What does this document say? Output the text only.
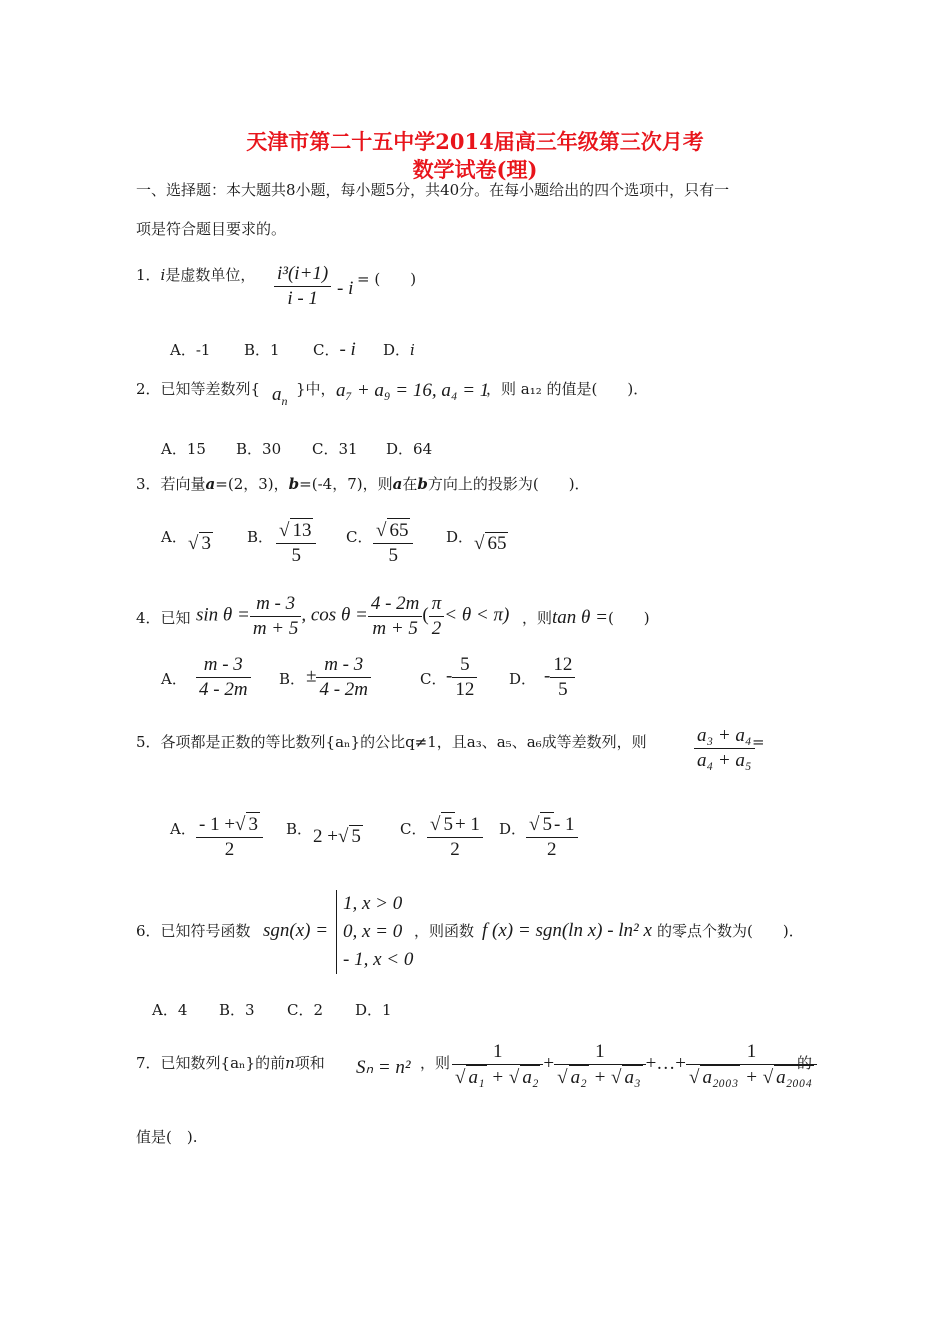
天津市第二十五中学2014届高三年级第三次月考
数学试卷(理)
一、选择题：本大题共8小题，每小题5分，共40分。在每小题给出的四个选项中，只有一
项是符合题目要求的。
1．i是虚数单位， $\frac{\text{i³(i+1)}}{i - 1}$ - i = (　　)
A．-1 B．1 C．- i D．i
2．已知等差数列{ $a_n$
}中， a₇ + a₉ = 16, a₄ = 1
，则 a₁₂ 的值是(　　)．
A．15 B．30 C．31 D．64
3．若向量a=(2，3)，b=(-4，7)，则a在b方向上的投影为(　　)．
A． √ 3 B． $\frac{√ 13}{5}$ C． $\frac{√ 65}{5}$ D． √ 65
4．已知 $\sin \theta = \frac{m - 3}{m + 5}$ , $\cos \theta = \frac{4 - 2m}{m + 5}$ ( $\frac{\pi}{2} < \theta < \pi$) ，则tan θ =(　　)
A． $\frac{m - 3}{4 - 2m}$ B． ± $\frac{m - 3}{4 - 2m}$	C． - $\frac{5}{12}$ D． - $\frac{12}{5}$
5．各项都是正数的等比数列{aₙ}的公比q≠1，且a₃、a₅、a₆成等差数列，则 $\frac{\text{a₃ + a₄}}{\text{a₄ + a₅}}$
=
A． $\frac{- 1 +√ 3}{2}$ B． 2 +√ 5	C． $\frac{√ 5 + 1}{2}$ D． $\frac{√ 5 - 1}{2}$
6．已知符号函数 sgn(x) =
1, x > 0
0, x = 0
- 1, x < 0
，则函数 f (x) = sgn(ln x) - ln² x 的零点个数为(　　)．
A．4 B．3 C．2 D．1
7．已知数列{aₙ}的前n项和 Sₙ = n² ，则 $\frac{1}{\text{√ a₁ + √ a₂}} + \frac{1}{\text{√ a₂ + √ a₃}}$ +…+ $\frac{1}{\text{√ a₂₀₀₃ + √ a₂₀₀₄}}$
的
值是(　).
